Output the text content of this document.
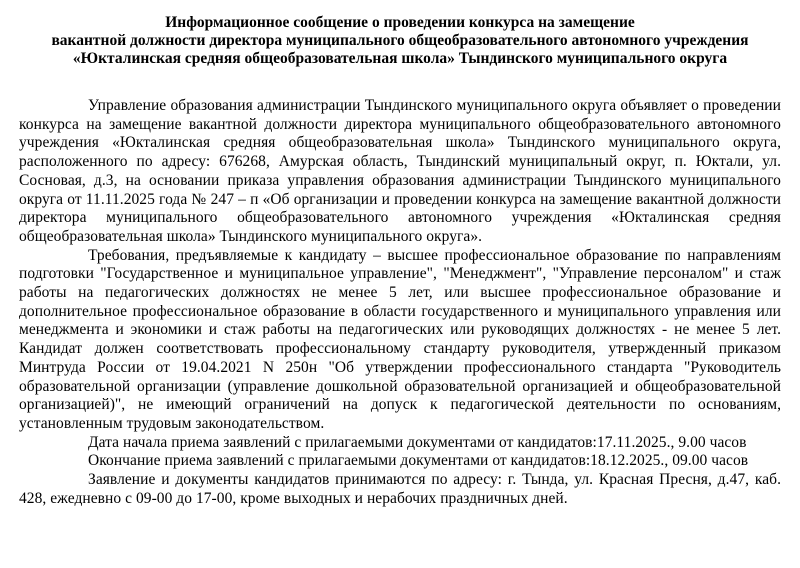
Информационное сообщение о проведении конкурса на замещение
вакантной должности директора муниципального общеобразовательного автономного учреждения
«Юкталинская средняя общеобразовательная школа» Тындинского муниципального округа

Управление образования администрации Тындинского муниципального округа объявляет о проведении конкурса на замещение вакантной должности директора муниципального общеобразовательного автономного учреждения «Юкталинская средняя общеобразовательная школа» Тындинского муниципального округа, расположенного по адресу: 676268, Амурская область, Тындинский муниципальный округ, п. Юктали, ул. Сосновая, д.3, на основании приказа управления образования администрации Тындинского муниципального округа от 11.11.2025 года № 247 – п «Об организации и проведении конкурса на замещение вакантной должности директора муниципального общеобразовательного автономного учреждения «Юкталинская средняя общеобразовательная школа» Тындинского муниципального округа».

Требования, предъявляемые к кандидату – высшее профессиональное образование по направлениям подготовки "Государственное и муниципальное управление", "Менеджмент", "Управление персоналом" и стаж работы на педагогических должностях не менее 5 лет, или высшее профессиональное образование и дополнительное профессиональное образование в области государственного и муниципального управления или менеджмента и экономики и стаж работы на педагогических или руководящих должностях - не менее 5 лет. Кандидат должен соответствовать профессиональному стандарту руководителя, утвержденный приказом Минтруда России от 19.04.2021 N 250н "Об утверждении профессионального стандарта "Руководитель образовательной организации (управление дошкольной образовательной организацией и общеобразовательной организацией)", не имеющий ограничений на допуск к педагогической деятельности по основаниям, установленным трудовым законодательством.

Дата начала приема заявлений с прилагаемыми документами от кандидатов:17.11.2025., 9.00 часов

Окончание приема заявлений с прилагаемыми документами от кандидатов:18.12.2025., 09.00 часов

Заявление и документы кандидатов принимаются по адресу: г. Тында, ул. Красная Пресня, д.47, каб. 428, ежедневно с 09-00 до 17-00, кроме выходных и нерабочих праздничных дней.
